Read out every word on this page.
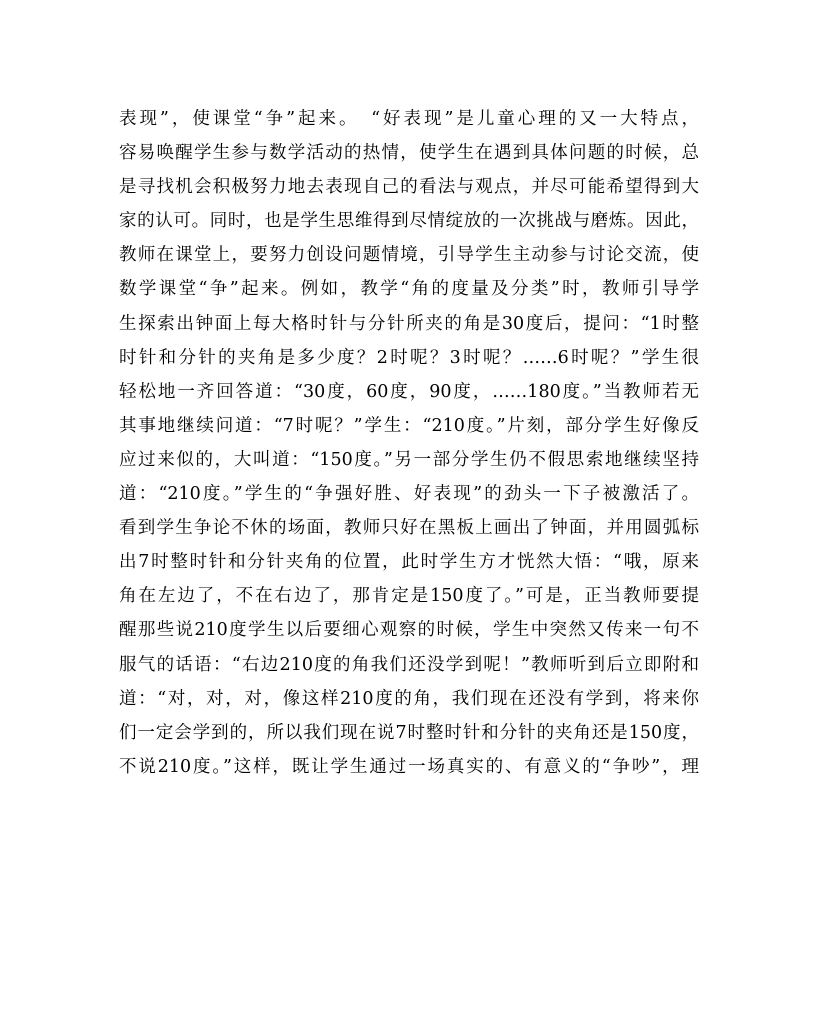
表现”，使课堂“争”起来。　“好表现”是儿童心理的又一大特点，
容易唤醒学生参与数学活动的热情，使学生在遇到具体问题的时候，总
是寻找机会积极努力地去表现自己的看法与观点，并尽可能希望得到大
家的认可。同时，也是学生思维得到尽情绽放的一次挑战与磨炼。因此，
教师在课堂上，要努力创设问题情境，引导学生主动参与讨论交流，使
数学课堂“争”起来。例如，教学“角的度量及分类”时，教师引导学
生探索出钟面上每大格时针与分针所夹的角是30度后，提问：“1时整
时针和分针的夹角是多少度？2时呢？3时呢？……6时呢？”学生很
轻松地一齐回答道：“30度，60度，90度，……180度。”当教师若无
其事地继续问道：“7时呢？”学生：“210度。”片刻，部分学生好像反
应过来似的，大叫道：“150度。”另一部分学生仍不假思索地继续坚持
道：“210度。”学生的“争强好胜、好表现”的劲头一下子被激活了。
看到学生争论不休的场面，教师只好在黑板上画出了钟面，并用圆弧标
出7时整时针和分针夹角的位置，此时学生方才恍然大悟：“哦，原来
角在左边了，不在右边了，那肯定是150度了。”可是，正当教师要提
醒那些说210度学生以后要细心观察的时候，学生中突然又传来一句不
服气的话语：“右边210度的角我们还没学到呢！”教师听到后立即附和
道：“对，对，对，像这样210度的角，我们现在还没有学到，将来你
们一定会学到的，所以我们现在说7时整时针和分针的夹角还是150度，
不说210度。”这样，既让学生通过一场真实的、有意义的“争吵”，理
